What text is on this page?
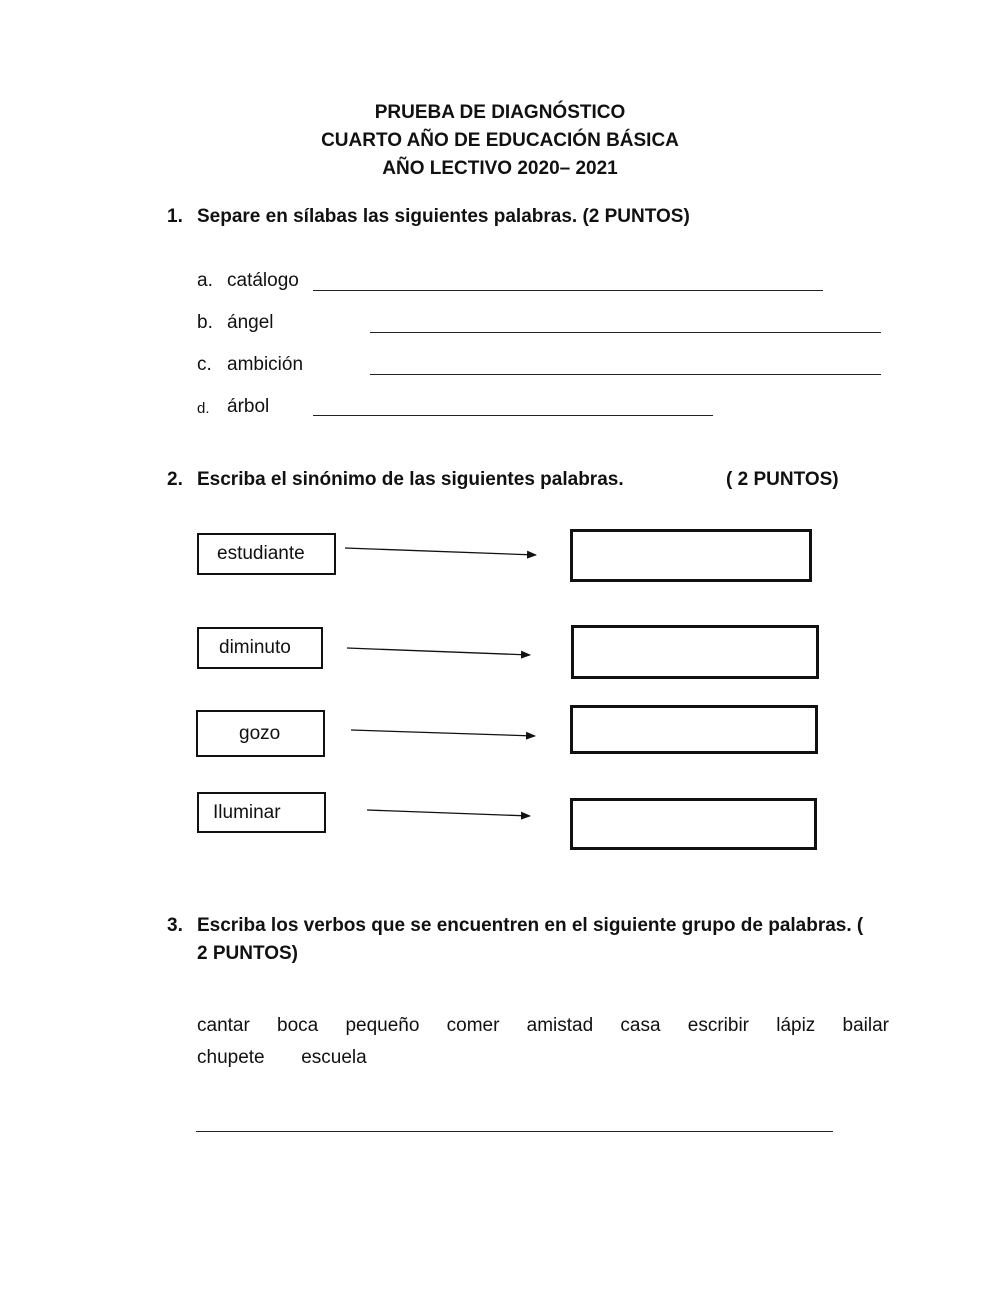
PRUEBA DE DIAGNÓSTICO
CUARTO AÑO DE EDUCACIÓN BÁSICA
AÑO LECTIVO 2020– 2021
1. Separe en sílabas las siguientes palabras. (2 PUNTOS)
a. catálogo
b. ángel
c. ambición
d. árbol
2. Escriba el sinónimo de las siguientes palabras.	( 2 PUNTOS)
estudiante
diminuto
gozo
Iluminar
3. Escriba los verbos que se encuentren en el siguiente grupo de palabras. (
2 PUNTOS)
cantar boca pequeño comer amistad casa escribir lápiz bailar
chupete escuela
